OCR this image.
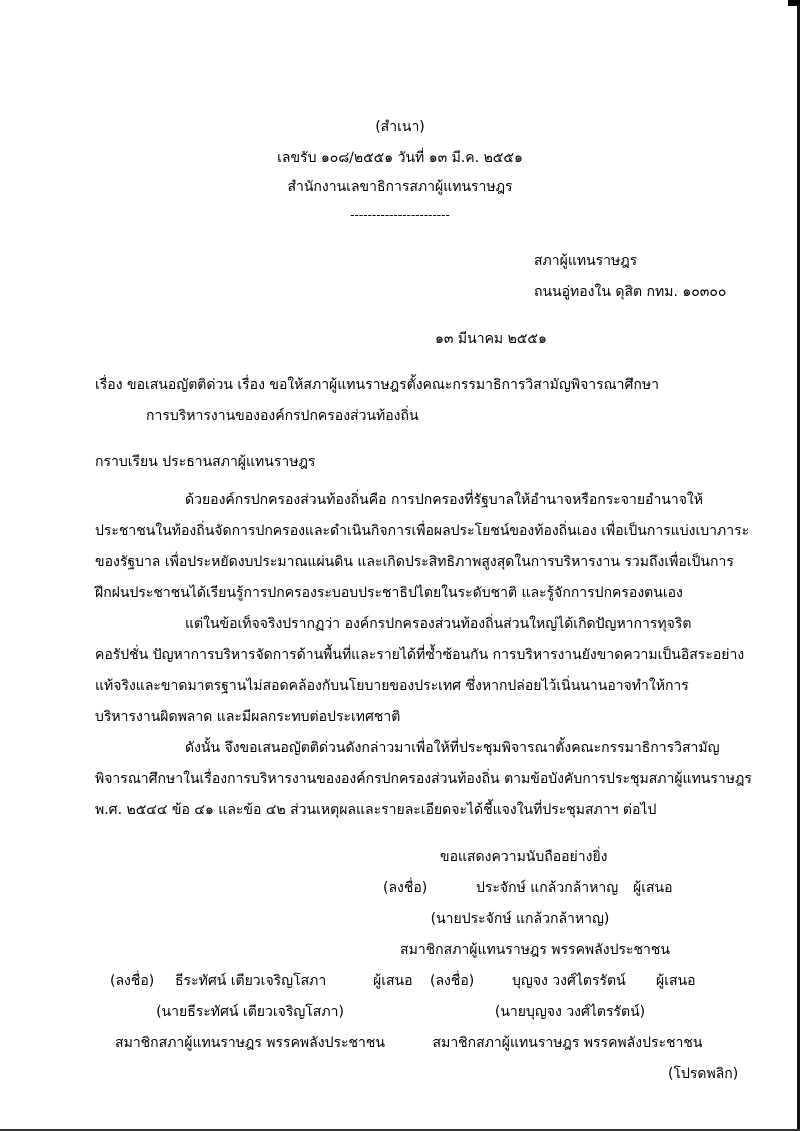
(สำเนา)
เลขรับ ๑๐๘/๒๕๕๑ วันที่ ๑๓ มี.ค. ๒๕๕๑
สำนักงานเลขาธิการสภาผู้แทนราษฎร
-----------------------
สภาผู้แทนราษฎร
ถนนอู่ทองใน ดุสิต กทม. ๑๐๓๐๐
๑๓ มีนาคม ๒๕๕๑
เรื่อง ขอเสนอญัตติด่วน เรื่อง ขอให้สภาผู้แทนราษฎรตั้งคณะกรรมาธิการวิสามัญพิจารณาศึกษา
การบริหารงานขององค์กรปกครองส่วนท้องถิ่น
กราบเรียน ประธานสภาผู้แทนราษฎร
ด้วยองค์กรปกครองส่วนท้องถิ่นคือ การปกครองที่รัฐบาลให้อำนาจหรือกระจายอำนาจให้
ประชาชนในท้องถิ่นจัดการปกครองและดำเนินกิจการเพื่อผลประโยชน์ของท้องถิ่นเอง เพื่อเป็นการแบ่งเบาภาระ
ของรัฐบาล เพื่อประหยัดงบประมาณแผ่นดิน และเกิดประสิทธิภาพสูงสุดในการบริหารงาน รวมถึงเพื่อเป็นการ
ฝึกฝนประชาชนได้เรียนรู้การปกครองระบอบประชาธิปไตยในระดับชาติ และรู้จักการปกครองตนเอง
แต่ในข้อเท็จจริงปรากฏว่า องค์กรปกครองส่วนท้องถิ่นส่วนใหญ่ได้เกิดปัญหาการทุจริต
คอรัปชั่น ปัญหาการบริหารจัดการด้านพื้นที่และรายได้ที่ซ้ำซ้อนกัน การบริหารงานยังขาดความเป็นอิสระอย่าง
แท้จริงและขาดมาตรฐานไม่สอดคล้องกับนโยบายของประเทศ ซึ่งหากปล่อยไว้เนิ่นนานอาจทำให้การ
บริหารงานผิดพลาด และมีผลกระทบต่อประเทศชาติ
ดังนั้น จึงขอเสนอญัตติด่วนดังกล่าวมาเพื่อให้ที่ประชุมพิจารณาตั้งคณะกรรมาธิการวิสามัญ
พิจารณาศึกษาในเรื่องการบริหารงานขององค์กรปกครองส่วนท้องถิ่น ตามข้อบังคับการประชุมสภาผู้แทนราษฎร
พ.ศ. ๒๕๔๔ ข้อ ๔๑ และข้อ ๔๒ ส่วนเหตุผลและรายละเอียดจะได้ชี้แจงในที่ประชุมสภาฯ ต่อไป
ขอแสดงความนับถืออย่างยิ่ง
(ลงชื่อ)	ประจักษ์ แกล้วกล้าหาญ ผู้เสนอ
(นายประจักษ์ แกล้วกล้าหาญ)
สมาชิกสภาผู้แทนราษฎร พรรคพลังประชาชน
(ลงชื่อ) ธีระทัศน์ เตียวเจริญโสภา	ผู้เสนอ
(นายธีระทัศน์ เตียวเจริญโสภา)
สมาชิกสภาผู้แทนราษฎร พรรคพลังประชาชน
(ลงชื่อ)	บุญจง วงศ์ไตรรัตน์ ผู้เสนอ
(นายบุญจง วงศ์ไตรรัตน์)
สมาชิกสภาผู้แทนราษฎร พรรคพลังประชาชน
(โปรดพลิก)
